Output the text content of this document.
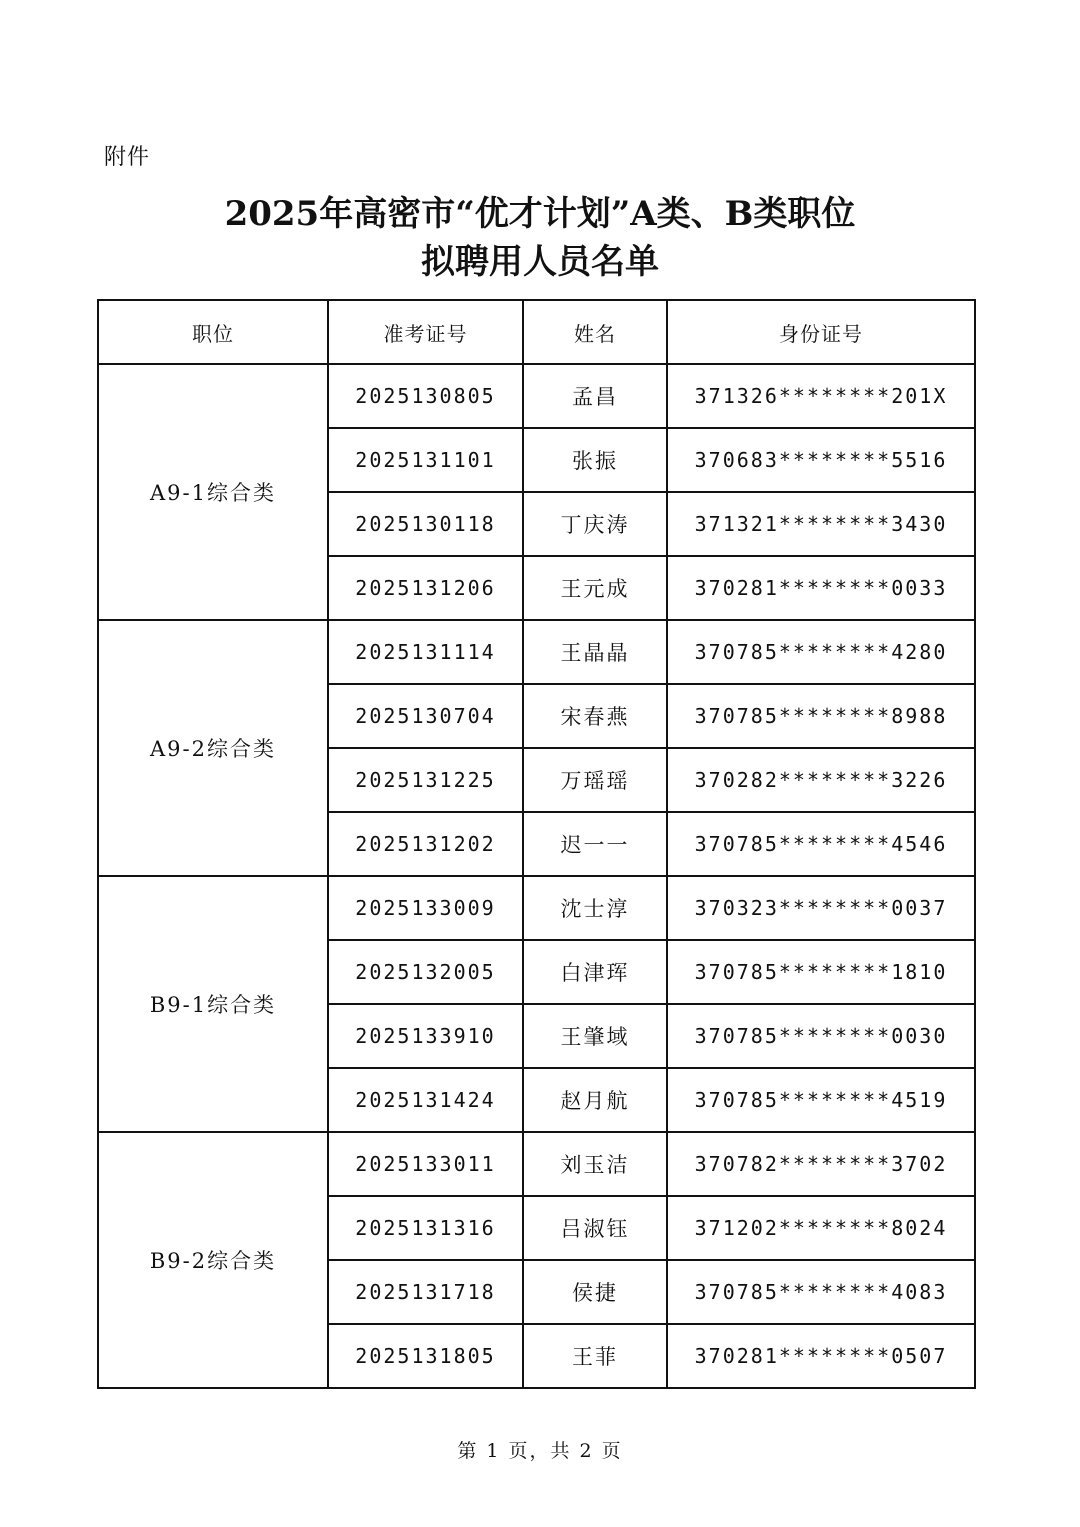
附件
2025年高密市“优才计划”A类、B类职位
拟聘用人员名单
职位	准考证号	姓名	身份证号
A9-1综合类	2025130805	孟昌	371326********201X
	2025131101	张振	370683********5516
	2025130118	丁庆涛	371321********3430
	2025131206	王元成	370281********0033
A9-2综合类	2025131114	王晶晶	370785********4280
	2025130704	宋春燕	370785********8988
	2025131225	万瑶瑶	370282********3226
	2025131202	迟一一	370785********4546
B9-1综合类	2025133009	沈士淳	370323********0037
	2025132005	白津珲	370785********1810
	2025133910	王肇域	370785********0030
	2025131424	赵月航	370785********4519
B9-2综合类	2025133011	刘玉洁	370782********3702
	2025131316	吕淑钰	371202********8024
	2025131718	侯捷	370785********4083
	2025131805	王菲	370281********0507
第 1 页，共 2 页
